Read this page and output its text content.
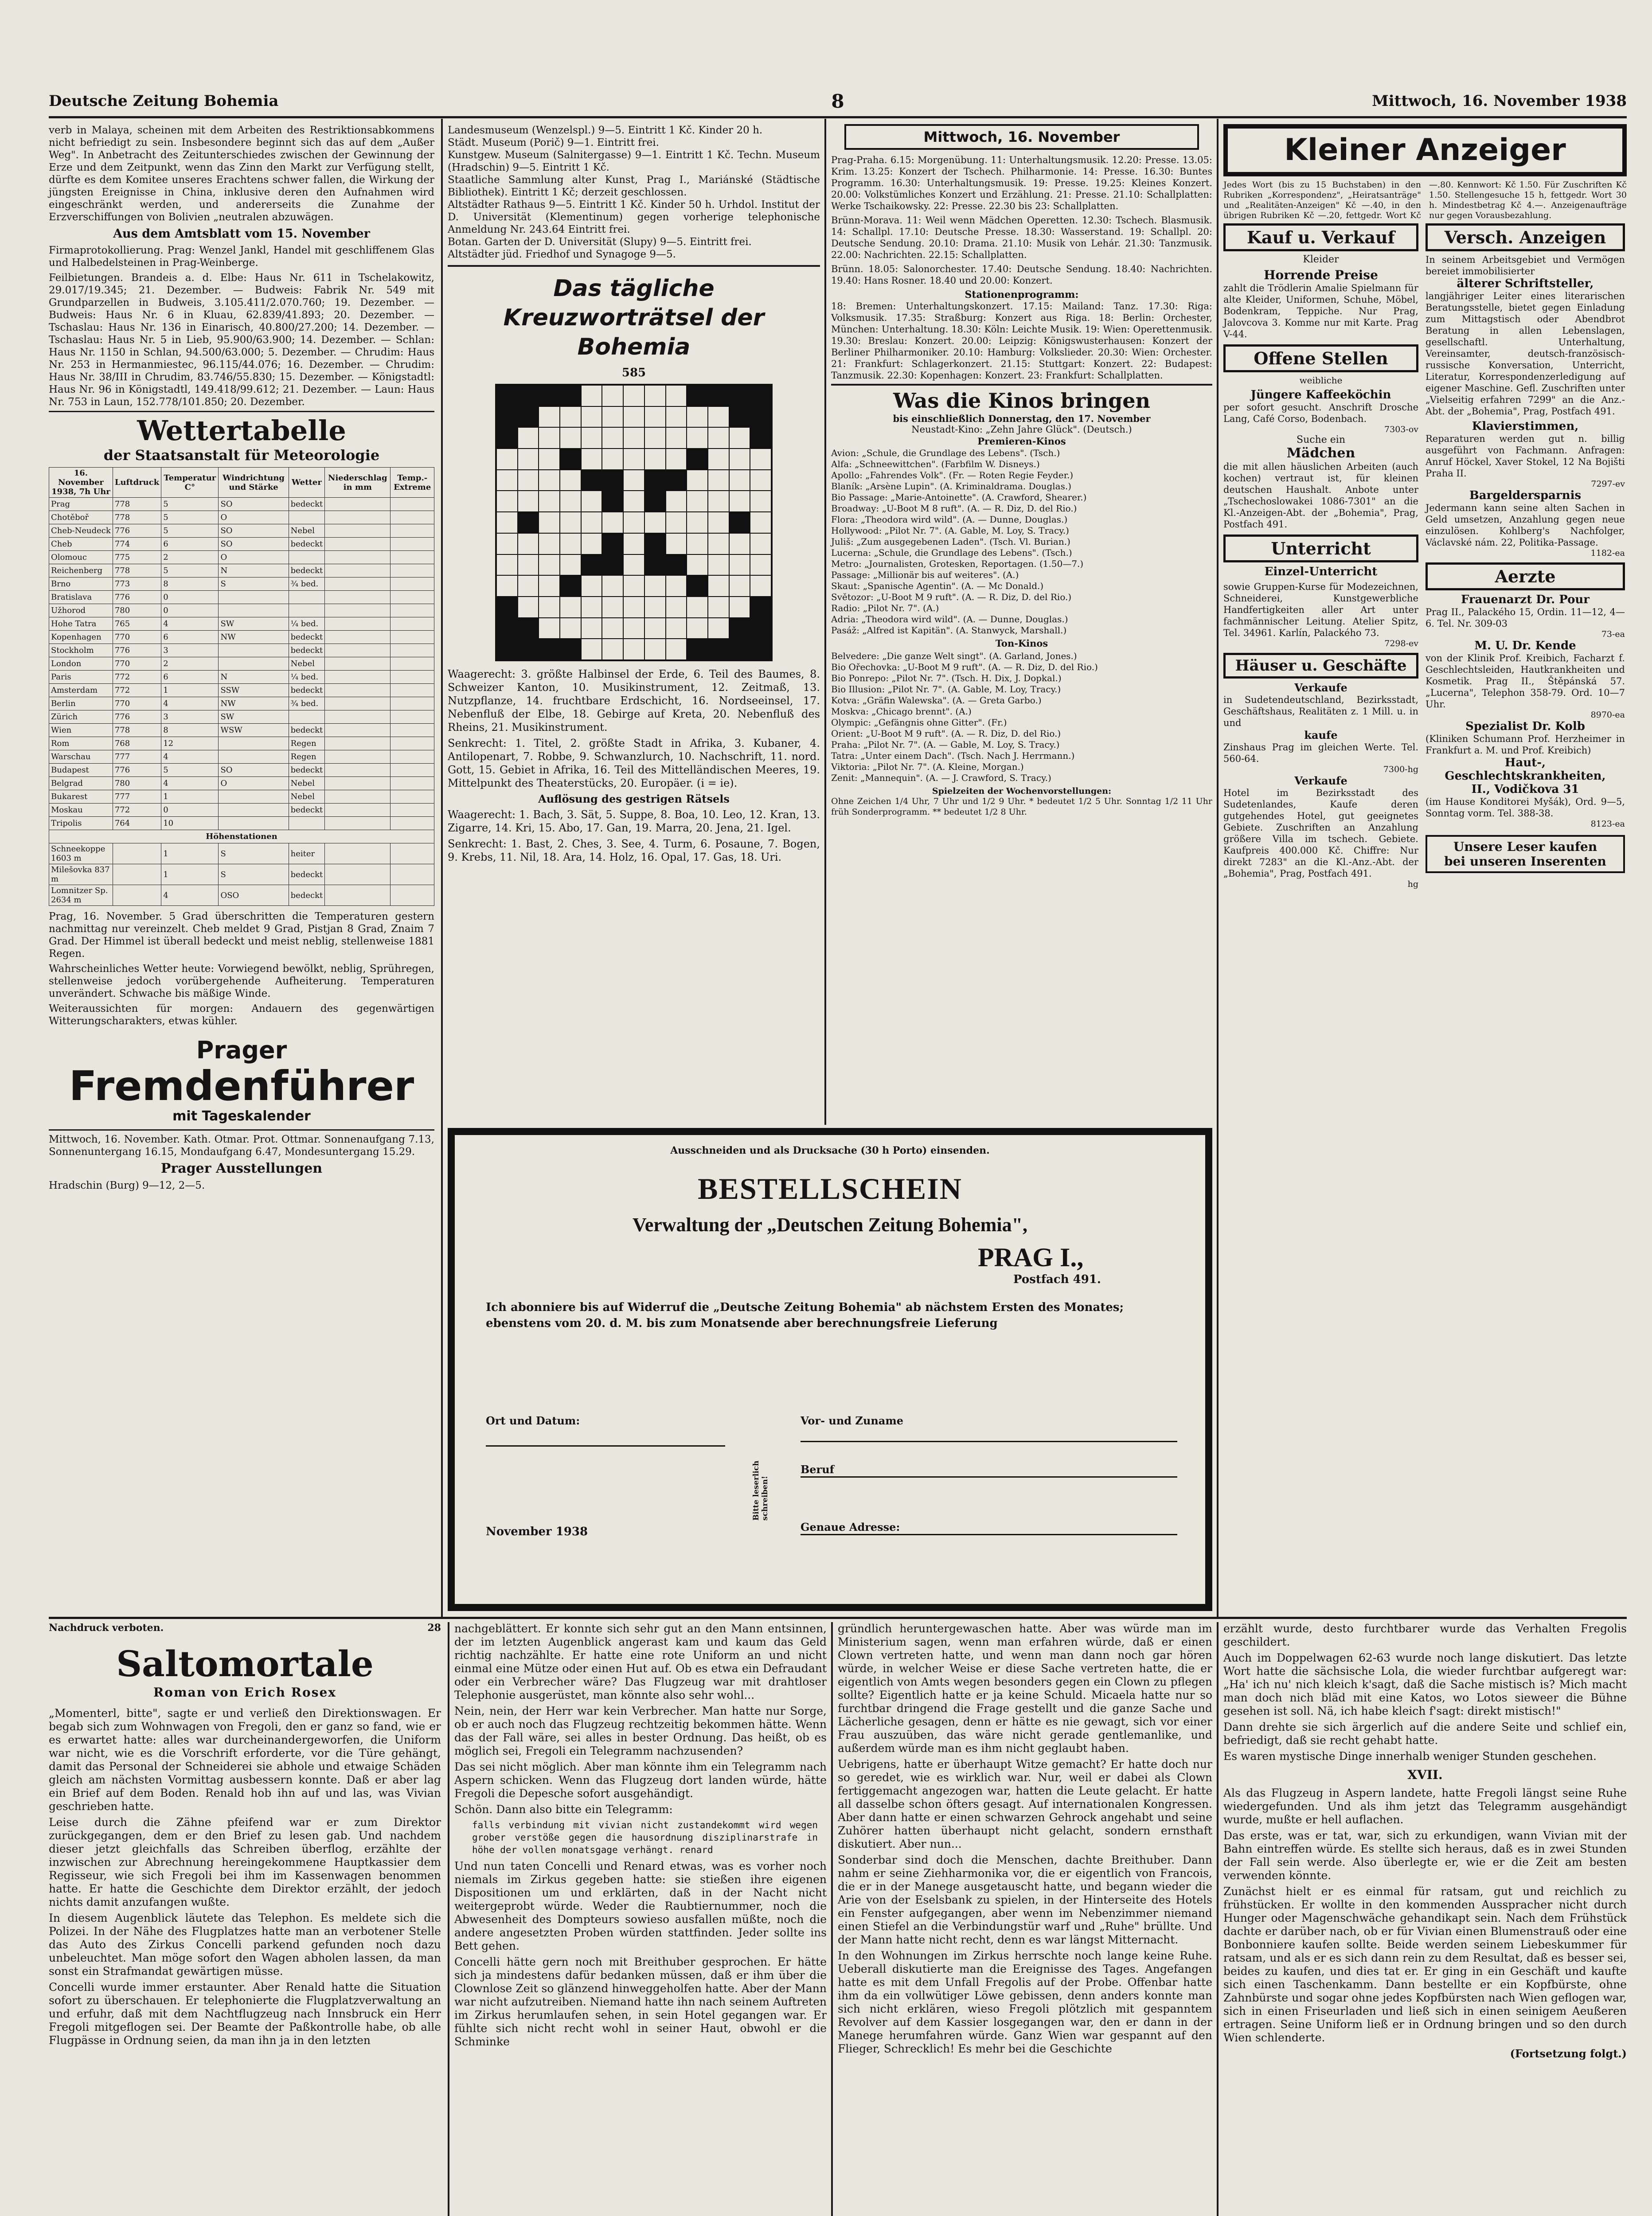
Deutsche Zeitung Bohemia	8	Mittwoch, 16. November 1938

verb in Malaya, scheinen mit dem Arbeiten des Restriktionsabkommens nicht befriedigt zu sein. Insbesondere beginnt sich das auf dem „Außer Weg". In Anbetracht des Zeitunterschiedes zwischen der Gewinnung der Erze und dem Zeitpunkt, wenn das Zinn den Markt zur Verfügung stellt, dürfte es dem Komitee unseres Erachtens schwer fallen, die Wirkung der jüngsten Ereignisse in China, inklusive deren den Aufnahmen wird eingeschränkt werden, und andererseits die Zunahme der Erzverschiffungen von Bolivien „neutralen abzuwägen.

Aus dem Amtsblatt vom 15. November

Firmaprotokollierung. Prag: Wenzel Jankl, Handel mit geschliffenem Glas und Halbedelsteinen in Prag-Weinberge.

Feilbietungen. Brandeis a. d. Elbe: Haus Nr. 611 in Tschelakowitz, 29.017/19.345; 21. Dezember. — Budweis: Fabrik Nr. 549 mit Grundparzellen in Budweis, 3.105.411/2.070.760; 19. Dezember. — Budweis: Haus Nr. 6 in Kluau, 62.839/41.893; 20. Dezember. — Tschaslau: Haus Nr. 136 in Einarisch, 40.800/27.200; 14. Dezember. — Tschaslau: Haus Nr. 5 in Lieb, 95.900/63.900; 14. Dezember. — Schlan: Haus Nr. 1150 in Schlan, 94.500/63.000; 5. Dezember. — Chrudim: Haus Nr. 253 in Hermanmiestec, 96.115/44.076; 16. Dezember. — Chrudim: Haus Nr. 38/III in Chrudim, 83.746/55.830; 15. Dezember. — Königstadtl: Haus Nr. 96 in Königstadtl, 149.418/99.612; 21. Dezember. — Laun: Haus Nr. 753 in Laun, 152.778/101.850; 20. Dezember.

Wettertabelle
der Staatsanstalt für Meteorologie
16. November 1938, 7h Uhr	Luftdruck	Temperatur C°	Windrichtung und Stärke	Wetter	Niederschlag in mm	Temp.-Extreme
Prag	778	5	SO	bedeckt		
Chotěboř	778	5	O			
Cheb-Neudeck	776	5	SO	Nebel		
Cheb	774	6	SO	bedeckt		
Olomouc	775	2	O			
Reichenberg	778	5	N	bedeckt		
Brno	773	8	S	¾ bed.		
Bratislava	776	0				
Užhorod	780	0				
Hohe Tatra	765	4	SW	¼ bed.		
Kopenhagen	770	6	NW	bedeckt		
Stockholm	776	3		bedeckt		
London	770	2		Nebel		
Paris	772	6	N	¼ bed.		
Amsterdam	772	1	SSW	bedeckt		
Berlin	770	4	NW	¾ bed.		
Zürich	776	3	SW			
Wien	778	8	WSW	bedeckt		
Rom	768	12		Regen		
Warschau	777	4		Regen		
Budapest	776	5	SO	bedeckt		
Belgrad	780	4	O	Nebel		
Bukarest	777	1		Nebel		
Moskau	772	0		bedeckt		
Tripolis	764	10				
Höhenstationen						
Schneekoppe 1603 m		1	S	heiter		
Milešovka 837 m		1	S	bedeckt		
Lomnitzer Sp. 2634 m		4	OSO	bedeckt		

Prag, 16. November. 5 Grad überschritten die Temperaturen gestern nachmittag nur vereinzelt. Cheb meldet 9 Grad, Pistjan 8 Grad, Znaim 7 Grad. Der Himmel ist überall bedeckt und meist neblig, stellenweise 1881 Regen.

Wahrscheinliches Wetter heute: Vorwiegend bewölkt, neblig, Sprühregen, stellenweise jedoch vorübergehende Aufheiterung. Temperaturen unverändert. Schwache bis mäßige Winde.

Weiteraussichten für morgen: Andauern des gegenwärtigen Witterungscharakters, etwas kühler.

Prager
Fremdenführer
mit Tageskalender

Mittwoch, 16. November. Kath. Otmar. Prot. Ottmar. Sonnenaufgang 7.13, Sonnenuntergang 16.15, Mondaufgang 6.47, Mondesuntergang 15.29.

Prager Ausstellungen

Hradschin (Burg) 9—12, 2—5.

Landesmuseum (Wenzelspl.) 9—5. Eintritt 1 Kč. Kinder 20 h.

Städt. Museum (Porič) 9—1. Eintritt frei.

Kunstgew. Museum (Salnitergasse) 9—1. Eintritt 1 Kč. Techn. Museum (Hradschin) 9—5. Eintritt 1 Kč.

Staatliche Sammlung alter Kunst, Prag I., Mariánské (Städtische Bibliothek). Eintritt 1 Kč; derzeit geschlossen.

Altstädter Rathaus 9—5. Eintritt 1 Kč. Kinder 50 h. Urhdol. Institut der D. Universität (Klementinum) gegen vorherige telephonische Anmeldung Nr. 243.64 Eintritt frei.

Botan. Garten der D. Universität (Slupy) 9—5. Eintritt frei.

Altstädter jüd. Friedhof und Synagoge 9—5.

Das tägliche Kreuzworträtsel der Bohemia
585

Waagerecht: 3. größte Halbinsel der Erde, 6. Teil des Baumes, 8. Schweizer Kanton, 10. Musikinstrument, 12. Zeitmaß, 13. Nutzpflanze, 14. fruchtbare Erdschicht, 16. Nordseeinsel, 17. Nebenfluß der Elbe, 18. Gebirge auf Kreta, 20. Nebenfluß des Rheins, 21. Musikinstrument.

Senkrecht: 1. Titel, 2. größte Stadt in Afrika, 3. Kubaner, 4. Antilopenart, 7. Robbe, 9. Schwanzlurch, 10. Nachschrift, 11. nord. Gott, 15. Gebiet in Afrika, 16. Teil des Mittelländischen Meeres, 19. Mittelpunkt des Theaterstücks, 20. Europäer. (i = ie).

Auflösung des gestrigen Rätsels

Waagerecht: 1. Bach, 3. Sät, 5. Suppe, 8. Boa, 10. Leo, 12. Kran, 13. Zigarre, 14. Kri, 15. Abo, 17. Gan, 19. Marra, 20. Jena, 21. Igel.

Senkrecht: 1. Bast, 2. Ches, 3. See, 4. Turm, 6. Posaune, 7. Bogen, 9. Krebs, 11. Nil, 18. Ara, 14. Holz, 16. Opal, 17. Gas, 18. Uri.

Mittwoch, 16. November

Prag-Praha. 6.15: Morgenübung. 11: Unterhaltungsmusik. 12.20: Presse. 13.05: Krim. 13.25: Konzert der Tschech. Philharmonie. 14: Presse. 16.30: Buntes Programm. 16.30: Unterhaltungsmusik. 19: Presse. 19.25: Kleines Konzert. 20.00: Volkstümliches Konzert und Erzählung. 21: Presse. 21.10: Schallplatten: Werke Tschaikowsky. 22: Presse. 22.30 bis 23: Schallplatten.

Brünn-Morava. 11: Weil wenn Mädchen Operetten. 12.30: Tschech. Blasmusik. 14: Schallpl. 17.10: Deutsche Presse. 18.30: Wasserstand. 19: Schallpl. 20: Deutsche Sendung. 20.10: Drama. 21.10: Musik von Lehár. 21.30: Tanzmusik. 22.00: Nachrichten. 22.15: Schallplatten.

Brünn. 18.05: Salonorchester. 17.40: Deutsche Sendung. 18.40: Nachrichten. 19.40: Hans Rosner. 18.40 und 20.00: Konzert.

Stationenprogramm:

18: Bremen: Unterhaltungskonzert. 17.15: Mailand: Tanz. 17.30: Riga: Volksmusik. 17.35: Straßburg: Konzert aus Riga. 18: Berlin: Orchester, München: Unterhaltung. 18.30: Köln: Leichte Musik. 19: Wien: Operettenmusik. 19.30: Breslau: Konzert. 20.00: Leipzig: Königswusterhausen: Konzert der Berliner Philharmoniker. 20.10: Hamburg: Volkslieder. 20.30: Wien: Orchester. 21: Frankfurt: Schlagerkonzert. 21.15: Stuttgart: Konzert. 22: Budapest: Tanzmusik. 22.30: Kopenhagen: Konzert. 23: Frankfurt: Schallplatten.

Was die Kinos bringen
bis einschließlich Donnerstag, den 17. November
Neustadt-Kino: „Zehn Jahre Glück". (Deutsch.)
Premieren-Kinos

Avion: „Schule, die Grundlage des Lebens". (Tsch.)

Alfa: „Schneewittchen". (Farbfilm W. Disneys.)

Apollo: „Fahrendes Volk". (Fr. — Roten Regie Feyder.)

Blaník: „Arsène Lupin". (A. Kriminaldrama. Douglas.)

Bio Passage: „Marie-Antoinette". (A. Crawford, Shearer.)

Broadway: „U-Boot M 8 ruft". (A. — R. Diz, D. del Rio.)

Flora: „Theodora wird wild". (A. — Dunne, Douglas.)

Hollywood: „Pilot Nr. 7". (A. Gable, M. Loy, S. Tracy.)

Juliš: „Zum ausgegebenen Laden". (Tsch. Vl. Burian.)

Lucerna: „Schule, die Grundlage des Lebens". (Tsch.)

Metro: „Journalisten, Grotesken, Reportagen. (1.50—7.)

Passage: „Millionär bis auf weiteres". (A.)

Skaut: „Spanische Agentin". (A. — Mc Donald.)

Světozor: „U-Boot M 9 ruft". (A. — R. Diz, D. del Rio.)

Radio: „Pilot Nr. 7". (A.)

Adria: „Theodora wird wild". (A. — Dunne, Douglas.)

Pasáž: „Alfred ist Kapitän". (A. Stanwyck, Marshall.)

Ton-Kinos

Belvedere: „Die ganze Welt singt". (A. Garland, Jones.)

Bio Ořechovka: „U-Boot M 9 ruft". (A. — R. Diz, D. del Rio.)

Bio Ponrepo: „Pilot Nr. 7". (Tsch. H. Dix, J. Dopkal.)

Bio Illusion: „Pilot Nr. 7". (A. Gable, M. Loy, Tracy.)

Kotva: „Gräfin Walewska". (A. — Greta Garbo.)

Moskva: „Chicago brennt". (A.)

Olympic: „Gefängnis ohne Gitter". (Fr.)

Orient: „U-Boot M 9 ruft". (A. — R. Diz, D. del Rio.)

Praha: „Pilot Nr. 7". (A. — Gable, M. Loy, S. Tracy.)

Tatra: „Unter einem Dach". (Tsch. Nach J. Herrmann.)

Viktoria: „Pilot Nr. 7". (A. Kleine, Morgan.)

Zenit: „Mannequin". (A. — J. Crawford, S. Tracy.)

Spielzeiten der Wochenvorstellungen:

Ohne Zeichen 1/4 Uhr, 7 Uhr und 1/2 9 Uhr. * bedeutet 1/2 5 Uhr. Sonntag 1/2 11 Uhr früh Sonderprogramm. ** bedeutet 1/2 8 Uhr.

Ausschneiden und als Drucksache (30 h Porto) einsenden.
BESTELLSCHEIN
Verwaltung der „Deutschen Zeitung Bohemia",
PRAG I.,
Postfach 491.

Ich abonniere bis auf Widerruf die „Deutsche Zeitung Bohemia" ab nächstem Ersten des Monates; ebenstens vom 20. d. M. bis zum Monatsende aber berechnungsfreie Lieferung

Ort und Datum:	Vor- und Zuname
Beruf
Genaue Adresse:
Bitte leserlich schreiben!
November 1938
Kleiner Anzeiger

Jedes Wort (bis zu 15 Buchstaben) in den Rubriken „Korrespondenz", „Heiratsanträge" und „Realitäten-Anzeigen" Kč —.40, in den übrigen Rubriken Kč —.20, fettgedr. Wort Kč —.80. Kennwort: Kč 1.50. Für Zuschriften Kč 1.50. Stellengesuche 15 h, fettgedr. Wort 30 h. Mindestbetrag Kč 4.—. Anzeigenaufträge nur gegen Vorausbezahlung.

Kauf u. Verkauf
Kleider
Horrende Preise

zahlt die Trödlerin Amalie Spielmann für alte Kleider, Uniformen, Schuhe, Möbel, Bodenkram, Teppiche. Nur Prag, Jalovcova 3. Komme nur mit Karte. Prag V-44.

Offene Stellen
weibliche
Jüngere Kaffeeköchin

per sofort gesucht. Anschrift Drosche Lang, Café Corso, Bodenbach.

7303-ov
Suche ein
Mädchen

die mit allen häuslichen Arbeiten (auch kochen) vertraut ist, für kleinen deutschen Haushalt. Anbote unter „Tschechoslowakei 1086-7301" an die Kl.-Anzeigen-Abt. der „Bohemia", Prag, Postfach 491.

Unterricht
Einzel-Unterricht

sowie Gruppen-Kurse für Modezeichnen, Schneiderei, Kunstgewerbliche Handfertigkeiten aller Art unter fachmännischer Leitung. Atelier Spitz, Tel. 34961. Karlín, Palackého 73.

7298-ev
Häuser u. Geschäfte
Verkaufe

in Sudetendeutschland, Bezirksstadt, Geschäftshaus, Realitäten z. 1 Mill. u. in und

kaufe

Zinshaus Prag im gleichen Werte. Tel. 560-64.

7300-hg
Verkaufe

Hotel im Bezirksstadt des Sudetenlandes, Kaufe deren gutgehendes Hotel, gut geeignetes Gebiete. Zuschriften an Anzahlung größere Villa im tschech. Gebiete. Kaufpreis 400.000 Kč. Chiffre: Nur direkt 7283" an die Kl.-Anz.-Abt. der „Bohemia", Prag, Postfach 491.

hg
Versch. Anzeigen

In seinem Arbeitsgebiet und Vermögen bereiet immobilisierter

älterer Schriftsteller,

langjähriger Leiter eines literarischen Beratungsstelle, bietet gegen Einladung zum Mittagstisch oder Abendbrot Beratung in allen Lebenslagen, gesellschaftl. Unterhaltung, Vereinsamter, deutsch-französisch-russische Konversation, Unterricht, Literatur, Korrespondenzerledigung auf eigener Maschine. Gefl. Zuschriften unter „Vielseitig erfahren 7299" an die Anz.-Abt. der „Bohemia", Prag, Postfach 491.

Klavierstimmen,

Reparaturen werden gut n. billig ausgeführt von Fachmann. Anfragen: Anruf Höckel, Xaver Stokel, 12 Na Bojišti Praha II.

7297-ev
Bargeldersparnis

Jedermann kann seine alten Sachen in Geld umsetzen, Anzahlung gegen neue einzulösen. Kohlberg's Nachfolger, Václavské nám. 22, Politika-Passage.

1182-ea
Aerzte
Frauenarzt Dr. Pour

Prag II., Palackého 15, Ordin. 11—12, 4—6. Tel. Nr. 309-03

73-ea
M. U. Dr. Kende

von der Klinik Prof. Kreibich, Facharzt f. Geschlechtsleiden, Hautkrankheiten und Kosmetik. Prag II., Štěpánská 57. „Lucerna", Telephon 358-79. Ord. 10—7 Uhr.

8970-ea
Spezialist Dr. Kolb

(Kliniken Schumann Prof. Herzheimer in Frankfurt a. M. und Prof. Kreibich)

Haut-, Geschlechtskrankheiten,
II., Vodičkova 31

(im Hause Konditorei Myšák), Ord. 9—5, Sonntag vorm. Tel. 388-38.

8123-ea
Unsere Leser kaufen
bei unseren Inserenten
Nachdruck verboten.	28
Saltomortale
Roman von Erich Rosex

„Momenterl, bitte", sagte er und verließ den Direktionswagen. Er begab sich zum Wohnwagen von Fregoli, den er ganz so fand, wie er es erwartet hatte: alles war durcheinandergeworfen, die Uniform war nicht, wie es die Vorschrift erforderte, vor die Türe gehängt, damit das Personal der Schneiderei sie abhole und etwaige Schäden gleich am nächsten Vormittag ausbessern konnte. Daß er aber lag ein Brief auf dem Boden. Renald hob ihn auf und las, was Vivian geschrieben hatte.

Leise durch die Zähne pfeifend war er zum Direktor zurückgegangen, dem er den Brief zu lesen gab. Und nachdem dieser jetzt gleichfalls das Schreiben überflog, erzählte der inzwischen zur Abrechnung hereingekommene Hauptkassier dem Regisseur, wie sich Fregoli bei ihm im Kassenwagen benommen hatte. Er hatte die Geschichte dem Direktor erzählt, der jedoch nichts damit anzufangen wußte.

In diesem Augenblick läutete das Telephon. Es meldete sich die Polizei. In der Nähe des Flugplatzes hatte man an verbotener Stelle das Auto des Zirkus Concelli parkend gefunden noch dazu unbeleuchtet. Man möge sofort den Wagen abholen lassen, da man sonst ein Strafmandat gewärtigen müsse.

Concelli wurde immer erstaunter. Aber Renald hatte die Situation sofort zu überschauen. Er telephonierte die Flugplatzverwaltung an und erfuhr, daß mit dem Nachtflugzeug nach Innsbruck ein Herr Fregoli mitgeflogen sei. Der Beamte der Paßkontrolle habe, ob alle Flugpässe in Ordnung seien, da man ihn ja in den letzten

nachgeblättert. Er konnte sich sehr gut an den Mann entsinnen, der im letzten Augenblick angerast kam und kaum das Geld richtig nachzählte. Er hatte eine rote Uniform an und nicht einmal eine Mütze oder einen Hut auf. Ob es etwa ein Defraudant oder ein Verbrecher wäre? Das Flugzeug war mit drahtloser Telephonie ausgerüstet, man könnte also sehr wohl...

Nein, nein, der Herr war kein Verbrecher. Man hatte nur Sorge, ob er auch noch das Flugzeug rechtzeitig bekommen hätte. Wenn das der Fall wäre, sei alles in bester Ordnung. Das heißt, ob es möglich sei, Fregoli ein Telegramm nachzusenden?

Das sei nicht möglich. Aber man könnte ihm ein Telegramm nach Aspern schicken. Wenn das Flugzeug dort landen würde, hätte Fregoli die Depesche sofort ausgehändigt.

Schön. Dann also bitte ein Telegramm:

falls verbindung mit vivian nicht zustandekommt wird wegen grober verstöße gegen die hausordnung disziplinarstrafe in höhe der vollen monatsgage verhängt. renard

Und nun taten Concelli und Renard etwas, was es vorher noch niemals im Zirkus gegeben hatte: sie stießen ihre eigenen Dispositionen um und erklärten, daß in der Nacht nicht weitergeprobt würde. Weder die Raubtiernummer, noch die Abwesenheit des Dompteurs sowieso ausfallen müßte, noch die andere angesetzten Proben würden stattfinden. Jeder sollte ins Bett gehen.

Concelli hätte gern noch mit Breithuber gesprochen. Er hätte sich ja mindestens dafür bedanken müssen, daß er ihm über die Clownlose Zeit so glänzend hinweggeholfen hatte. Aber der Mann war nicht aufzutreiben. Niemand hatte ihn nach seinem Auftreten im Zirkus herumlaufen sehen, in sein Hotel gegangen war. Er fühlte sich nicht recht wohl in seiner Haut, obwohl er die Schminke

gründlich heruntergewaschen hatte. Aber was würde man im Ministerium sagen, wenn man erfahren würde, daß er einen Clown vertreten hatte, und wenn man dann noch gar hören würde, in welcher Weise er diese Sache vertreten hatte, die er eigentlich von Amts wegen besonders gegen ein Clown zu pflegen sollte? Eigentlich hatte er ja keine Schuld. Micaela hatte nur so furchtbar dringend die Frage gestellt und die ganze Sache und Lächerliche gesagen, denn er hätte es nie gewagt, sich vor einer Frau auszuüben, das wäre nicht gerade gentlemanlike, und außerdem würde man es ihm nicht geglaubt haben.

Uebrigens, hatte er überhaupt Witze gemacht? Er hatte doch nur so geredet, wie es wirklich war. Nur, weil er dabei als Clown fertiggemacht angezogen war, hatten die Leute gelacht. Er hatte all dasselbe schon öfters gesagt. Auf internationalen Kongressen. Aber dann hatte er einen schwarzen Gehrock angehabt und seine Zuhörer hatten überhaupt nicht gelacht, sondern ernsthaft diskutiert. Aber nun...

Sonderbar sind doch die Menschen, dachte Breithuber. Dann nahm er seine Ziehharmonika vor, die er eigentlich von Francois, die er in der Manege ausgetauscht hatte, und begann wieder die Arie von der Eselsbank zu spielen, in der Hinterseite des Hotels ein Fenster aufgegangen, aber wenn im Nebenzimmer niemand einen Stiefel an die Verbindungstür warf und „Ruhe" brüllte. Und der Mann hatte nicht recht, denn es war längst Mitternacht.

In den Wohnungen im Zirkus herrschte noch lange keine Ruhe. Ueberall diskutierte man die Ereignisse des Tages. Angefangen hatte es mit dem Unfall Fregolis auf der Probe. Offenbar hatte ihm da ein vollwütiger Löwe gebissen, denn anders konnte man sich nicht erklären, wieso Fregoli plötzlich mit gespanntem Revolver auf dem Kassier losgegangen war, den er dann in der Manege herumfahren würde. Ganz Wien war gespannt auf den Flieger, Schrecklich! Es mehr bei die Geschichte

erzählt wurde, desto furchtbarer wurde das Verhalten Fregolis geschildert.

Auch im Doppelwagen 62-63 wurde noch lange diskutiert. Das letzte Wort hatte die sächsische Lola, die wieder furchtbar aufgeregt war: „Ha' ich nu' nich kleich k'sagt, daß die Sache mistisch is? Mich macht man doch nich bläd mit eine Katos, wo Lotos sieweer die Bühne gesehen ist soll. Nä, ich habe kleich f'sagt: direkt mistisch!"

Dann drehte sie sich ärgerlich auf die andere Seite und schlief ein, befriedigt, daß sie recht gehabt hatte.

Es waren mystische Dinge innerhalb weniger Stunden geschehen.

XVII.

Als das Flugzeug in Aspern landete, hatte Fregoli längst seine Ruhe wiedergefunden. Und als ihm jetzt das Telegramm ausgehändigt wurde, mußte er hell auflachen.

Das erste, was er tat, war, sich zu erkundigen, wann Vivian mit der Bahn eintreffen würde. Es stellte sich heraus, daß es in zwei Stunden der Fall sein werde. Also überlegte er, wie er die Zeit am besten verwenden könnte.

Zunächst hielt er es einmal für ratsam, gut und reichlich zu frühstücken. Er wollte in den kommenden Ausspracher nicht durch Hunger oder Magenschwäche gehandikapt sein. Nach dem Frühstück dachte er darüber nach, ob er für Vivian einen Blumenstrauß oder eine Bonbonniere kaufen sollte. Beide werden seinem Liebeskummer für ratsam, und als er es sich dann rein zu dem Resultat, daß es besser sei, beides zu kaufen, und dies tat er. Er ging in ein Geschäft und kaufte sich einen Taschenkamm. Dann bestellte er ein Kopfbürste, ohne Zahnbürste und sogar ohne jedes Kopfbürsten nach Wien geflogen war, sich in einen Friseurladen und ließ sich in einen seinigem Aeußeren ertragen. Seine Uniform ließ er in Ordnung bringen und so den durch Wien schlenderte.

(Fortsetzung folgt.)
